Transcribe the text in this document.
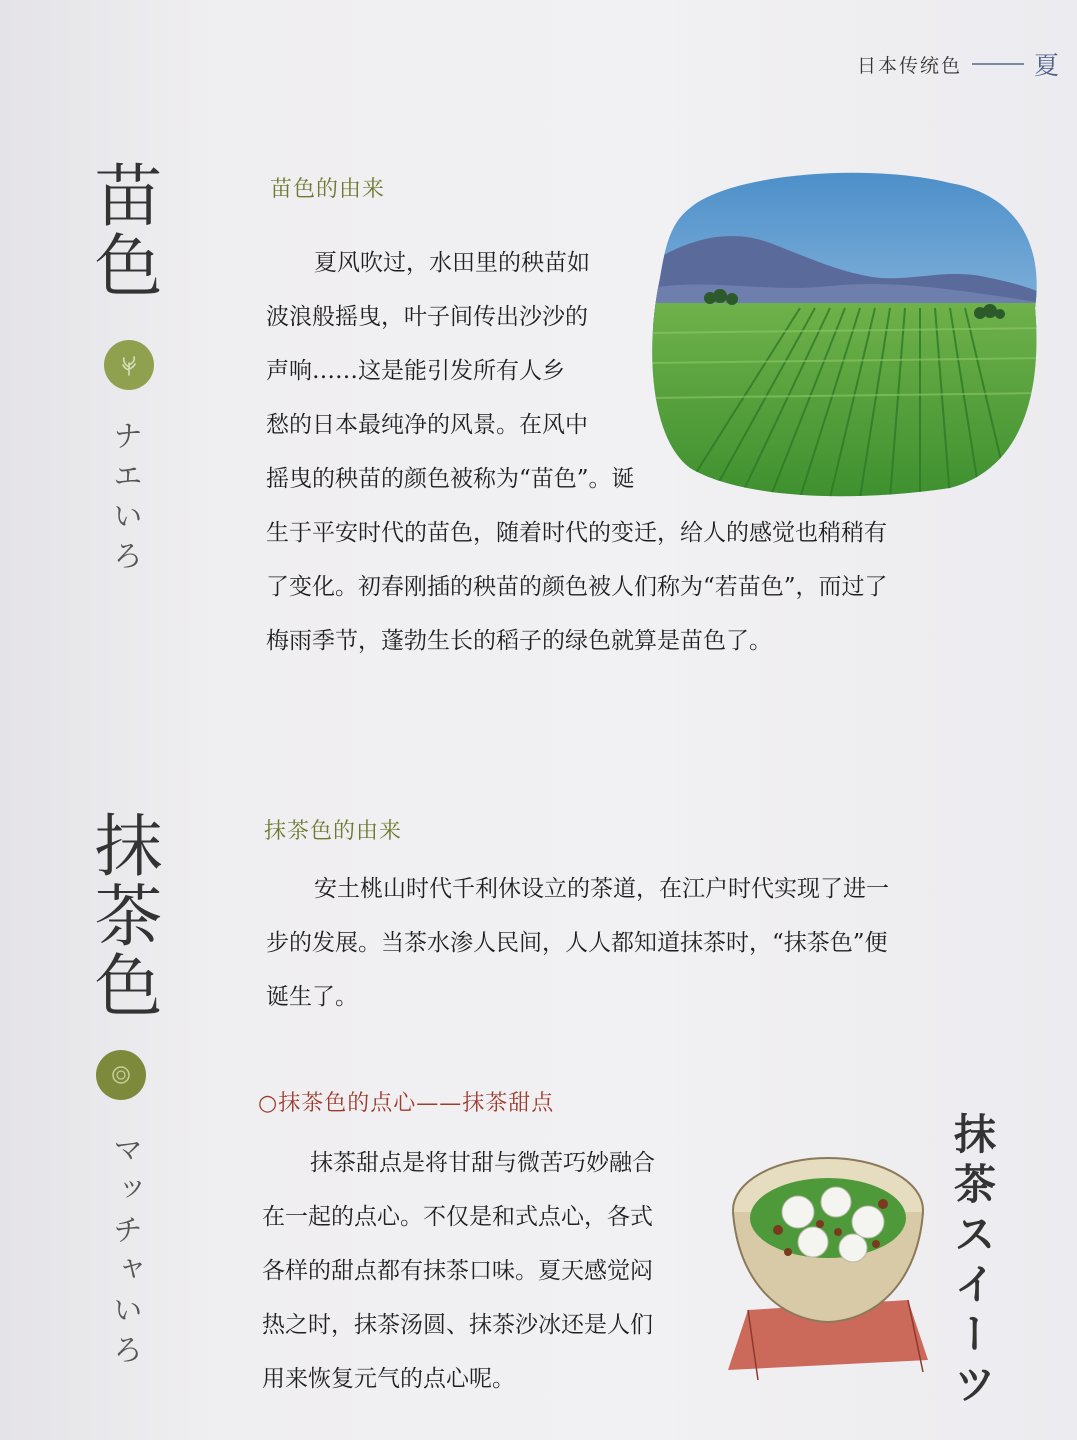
日本传统色	夏
苗色
ナエいろ
苗色的由来
夏风吹过，水田里的秧苗如
波浪般摇曳，叶子间传出沙沙的
声响……这是能引发所有人乡
愁的日本最纯净的风景。在风中
摇曳的秧苗的颜色被称为“苗色”。诞
生于平安时代的苗色，随着时代的变迁，给人的感觉也稍稍有
了变化。初春刚插的秧苗的颜色被人们称为“若苗色”，而过了
梅雨季节，蓬勃生长的稻子的绿色就算是苗色了。
抹茶色
マッチャいろ
抹茶色的由来
安土桃山时代千利休设立的茶道，在江户时代实现了进一
步的发展。当茶水渗人民间，人人都知道抹茶时，“抹茶色”便
诞生了。
○抹茶色的点心——抹茶甜点
抹茶甜点是将甘甜与微苦巧妙融合
在一起的点心。不仅是和式点心，各式
各样的甜点都有抹茶口味。夏天感觉闷
热之时，抹茶汤圆、抹茶沙冰还是人们
用来恢复元气的点心呢。	抹茶スイーツ
